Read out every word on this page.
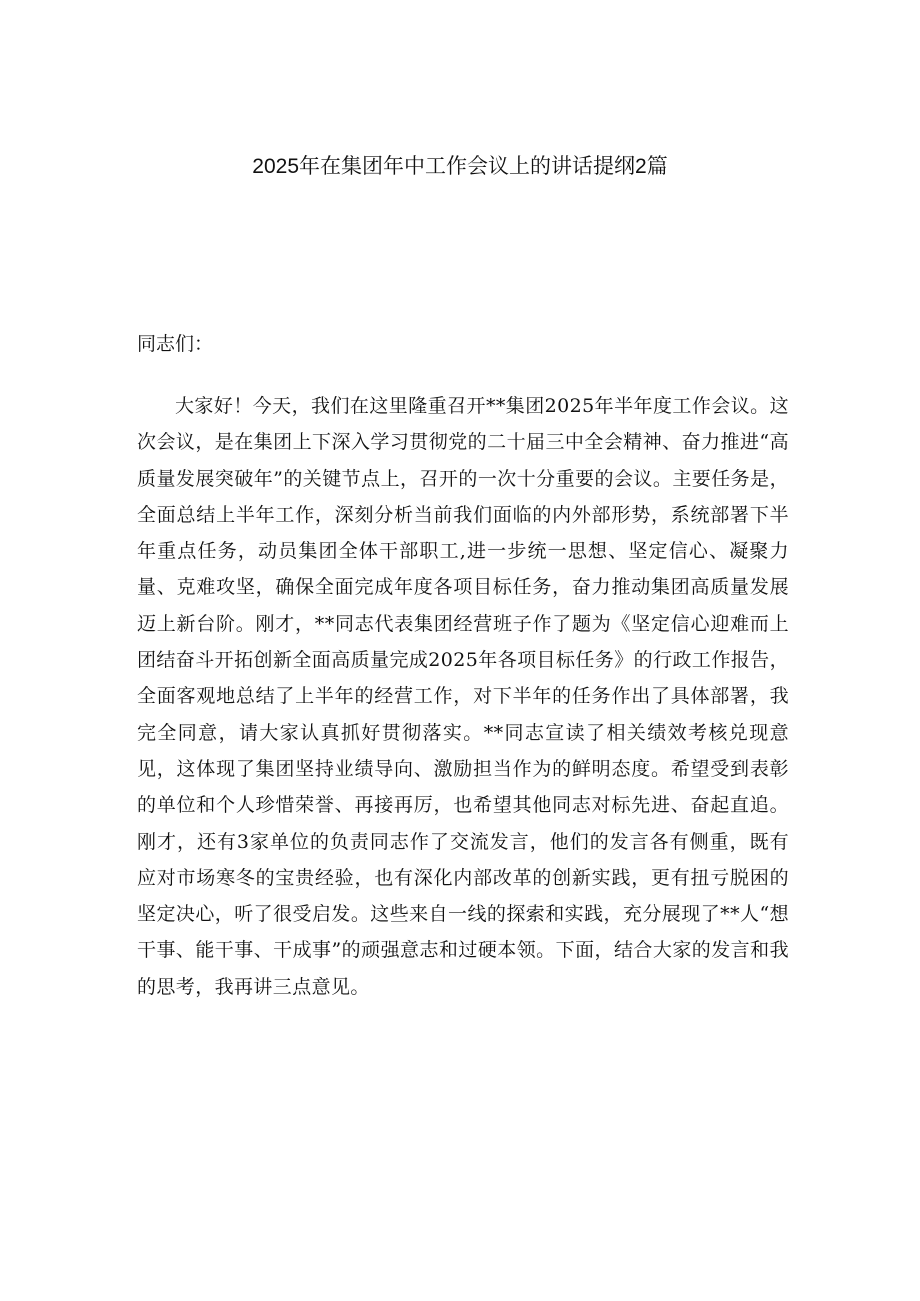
2025年在集团年中工作会议上的讲话提纲2篇

同志们：

大家好！今天，我们在这里隆重召开**集团2025年半年度工作会议。这次会议，是在集团上下深入学习贯彻党的二十届三中全会精神、奋力推进“高质量发展突破年”的关键节点上，召开的一次十分重要的会议。主要任务是，全面总结上半年工作，深刻分析当前我们面临的内外部形势，系统部署下半年重点任务，动员集团全体干部职工,进一步统一思想、坚定信心、凝聚力量、克难攻坚，确保全面完成年度各项目标任务，奋力推动集团高质量发展迈上新台阶。刚才，**同志代表集团经营班子作了题为《坚定信心迎难而上团结奋斗开拓创新全面高质量完成2025年各项目标任务》的行政工作报告，全面客观地总结了上半年的经营工作，对下半年的任务作出了具体部署，我完全同意，请大家认真抓好贯彻落实。**同志宣读了相关绩效考核兑现意见，这体现了集团坚持业绩导向、激励担当作为的鲜明态度。希望受到表彰的单位和个人珍惜荣誉、再接再厉，也希望其他同志对标先进、奋起直追。刚才，还有3家单位的负责同志作了交流发言，他们的发言各有侧重，既有应对市场寒冬的宝贵经验，也有深化内部改革的创新实践，更有扭亏脱困的坚定决心，听了很受启发。这些来自一线的探索和实践，充分展现了**人“想干事、能干事、干成事”的顽强意志和过硬本领。下面，结合大家的发言和我的思考，我再讲三点意见。
